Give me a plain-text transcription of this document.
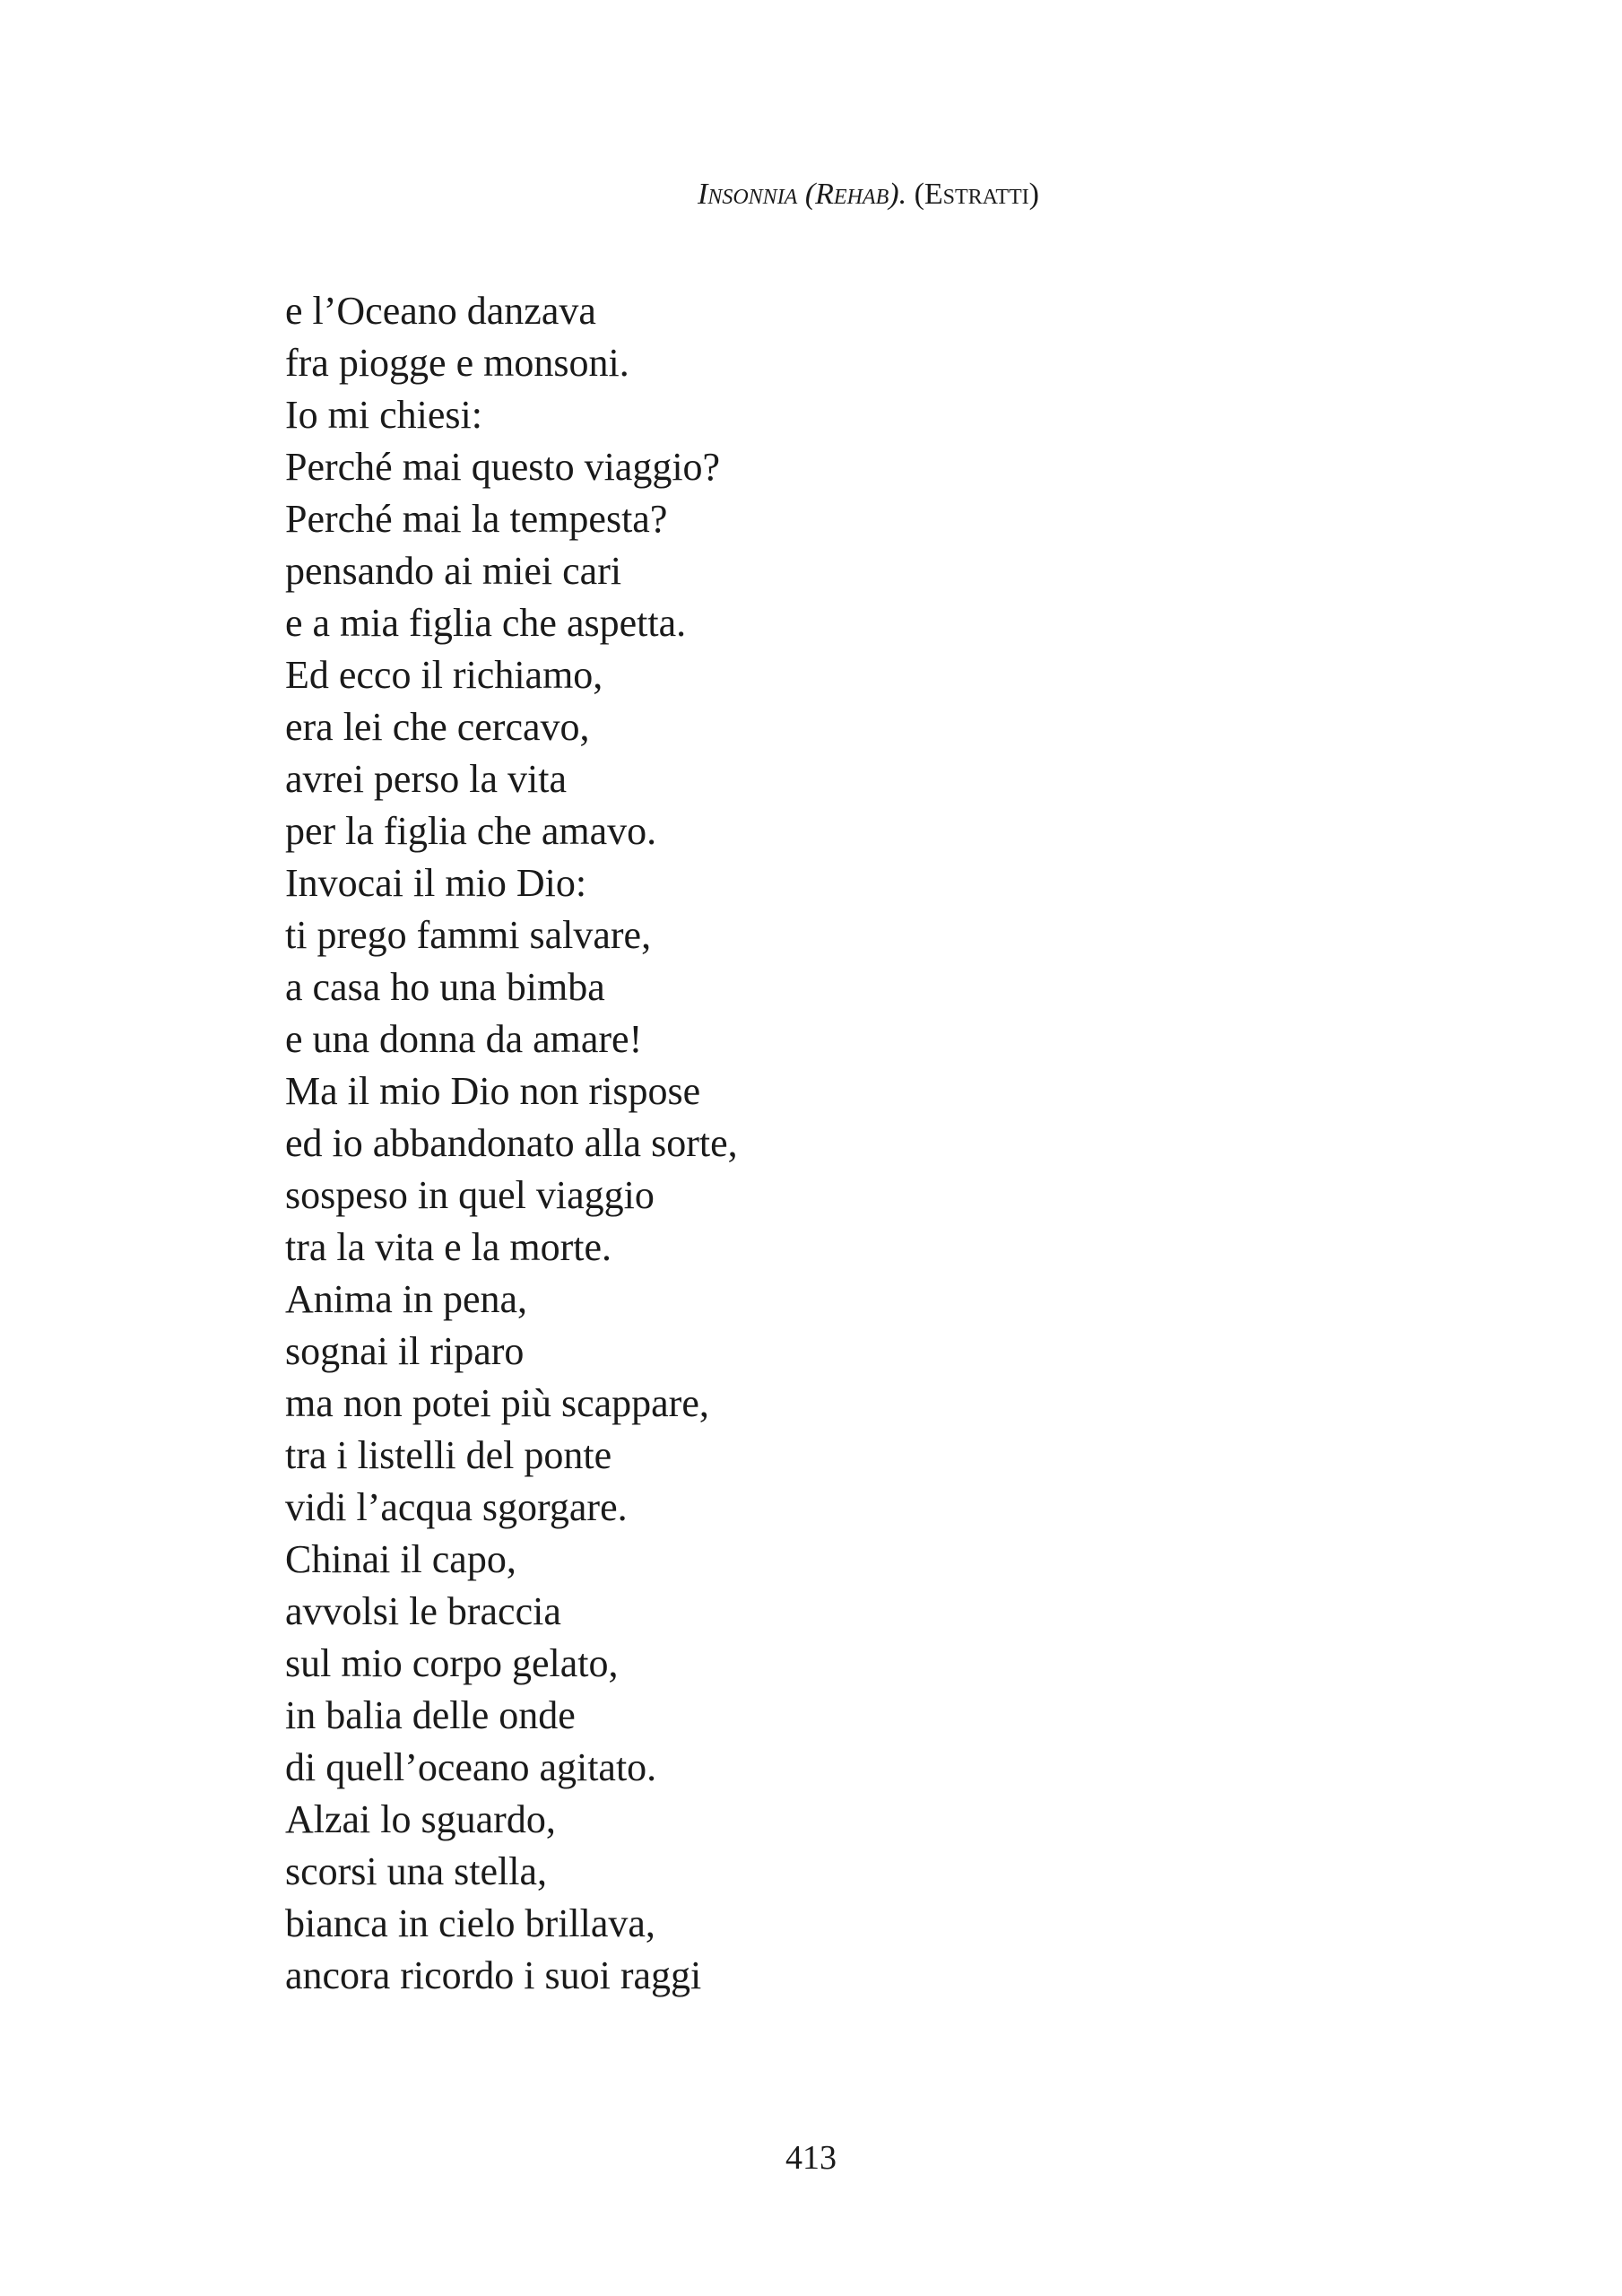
Insonnia (Rehab). (Estratti)
e l’Oceano danzava
fra piogge e monsoni.
Io mi chiesi:
Perché mai questo viaggio?
Perché mai la tempesta?
pensando ai miei cari
e a mia figlia che aspetta.
Ed ecco il richiamo,
era lei che cercavo,
avrei perso la vita
per la figlia che amavo.
Invocai il mio Dio:
ti prego fammi salvare,
a casa ho una bimba
e una donna da amare!
Ma il mio Dio non rispose
ed io abbandonato alla sorte,
sospeso in quel viaggio
tra la vita e la morte.
Anima in pena,
sognai il riparo
ma non potei più scappare,
tra i listelli del ponte
vidi l’acqua sgorgare.
Chinai il capo,
avvolsi le braccia
sul mio corpo gelato,
in balia delle onde
di quell’oceano agitato.
Alzai lo sguardo,
scorsi una stella,
bianca in cielo brillava,
ancora ricordo i suoi raggi
413
